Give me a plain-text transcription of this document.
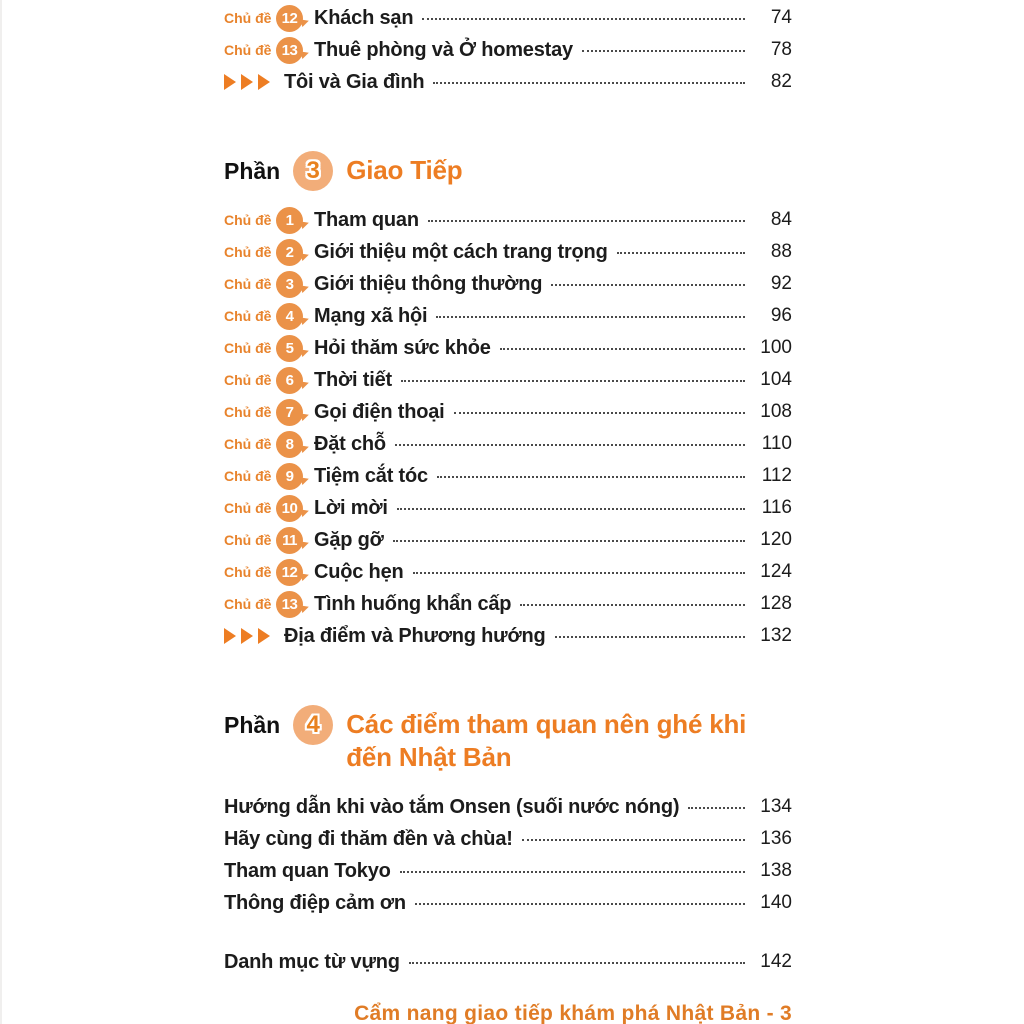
Chủ đề 12 Khách sạn	74
Chủ đề 13 Thuê phòng và Ở homestay	78
Tôi và Gia đình	82
Phần	3	Giao Tiếp
Chủ đề 1 Tham quan	84
Chủ đề 2 Giới thiệu một cách trang trọng	88
Chủ đề 3 Giới thiệu thông thường	92
Chủ đề 4 Mạng xã hội	96
Chủ đề 5 Hỏi thăm sức khỏe	100
Chủ đề 6 Thời tiết	104
Chủ đề 7 Gọi điện thoại	108
Chủ đề 8 Đặt chỗ	110
Chủ đề 9 Tiệm cắt tóc	112
Chủ đề 10 Lời mời	116
Chủ đề 11 Gặp gỡ	120
Chủ đề 12 Cuộc hẹn	124
Chủ đề 13 Tình huống khẩn cấp	128
Địa điểm và Phương hướng	132
Phần	4	Các điểm tham quan nên ghé khi đến Nhật Bản
Hướng dẫn khi vào tắm Onsen (suối nước nóng)	134
Hãy cùng đi thăm đền và chùa!	136
Tham quan Tokyo	138
Thông điệp cảm ơn	140
Danh mục từ vựng	142
Cẩm nang giao tiếp khám phá Nhật Bản - 3
